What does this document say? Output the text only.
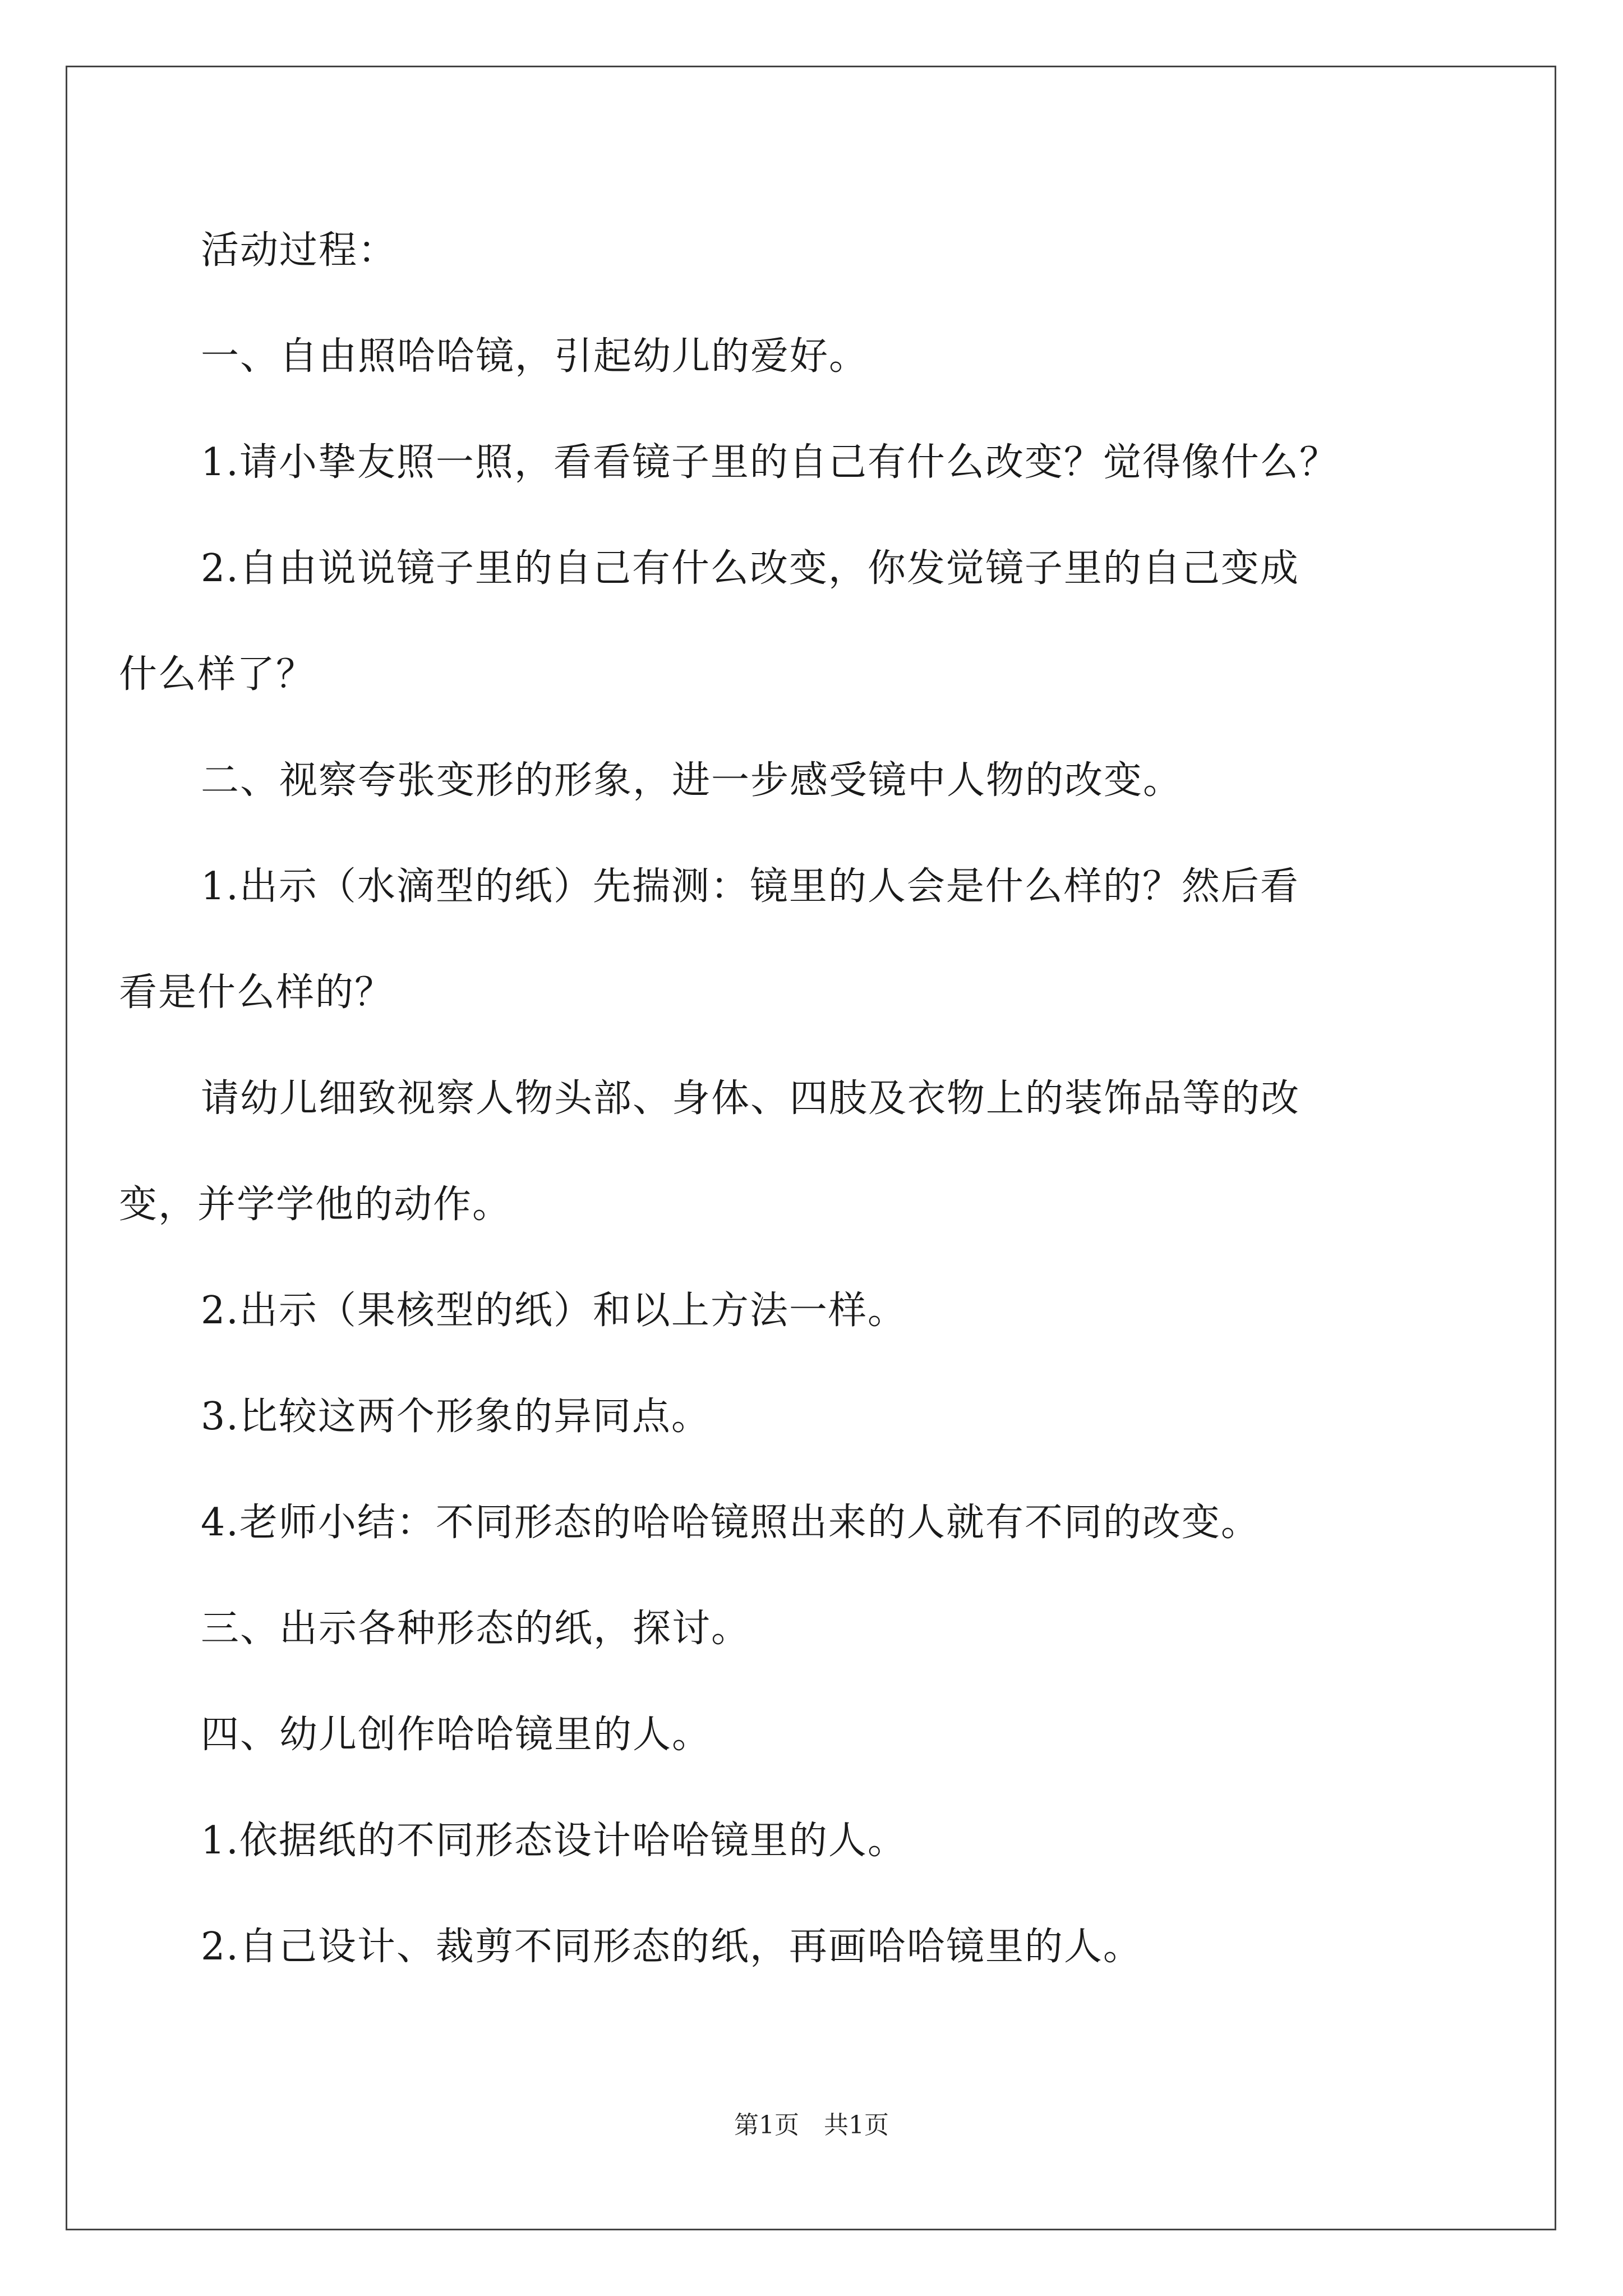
活动过程：
一、自由照哈哈镜，引起幼儿的爱好。
1.请小挚友照一照，看看镜子里的自己有什么改变？觉得像什么？
2.自由说说镜子里的自己有什么改变，你发觉镜子里的自己变成
什么样了？
二、视察夸张变形的形象，进一步感受镜中人物的改变。
1.出示（水滴型的纸）先揣测：镜里的人会是什么样的？然后看
看是什么样的？
请幼儿细致视察人物头部、身体、四肢及衣物上的装饰品等的改
变，并学学他的动作。
2.出示（果核型的纸）和以上方法一样。
3.比较这两个形象的异同点。
4.老师小结：不同形态的哈哈镜照出来的人就有不同的改变。
三、出示各种形态的纸，探讨。
四、幼儿创作哈哈镜里的人。
1.依据纸的不同形态设计哈哈镜里的人。
2.自己设计、裁剪不同形态的纸，再画哈哈镜里的人。
第1页　共1页
